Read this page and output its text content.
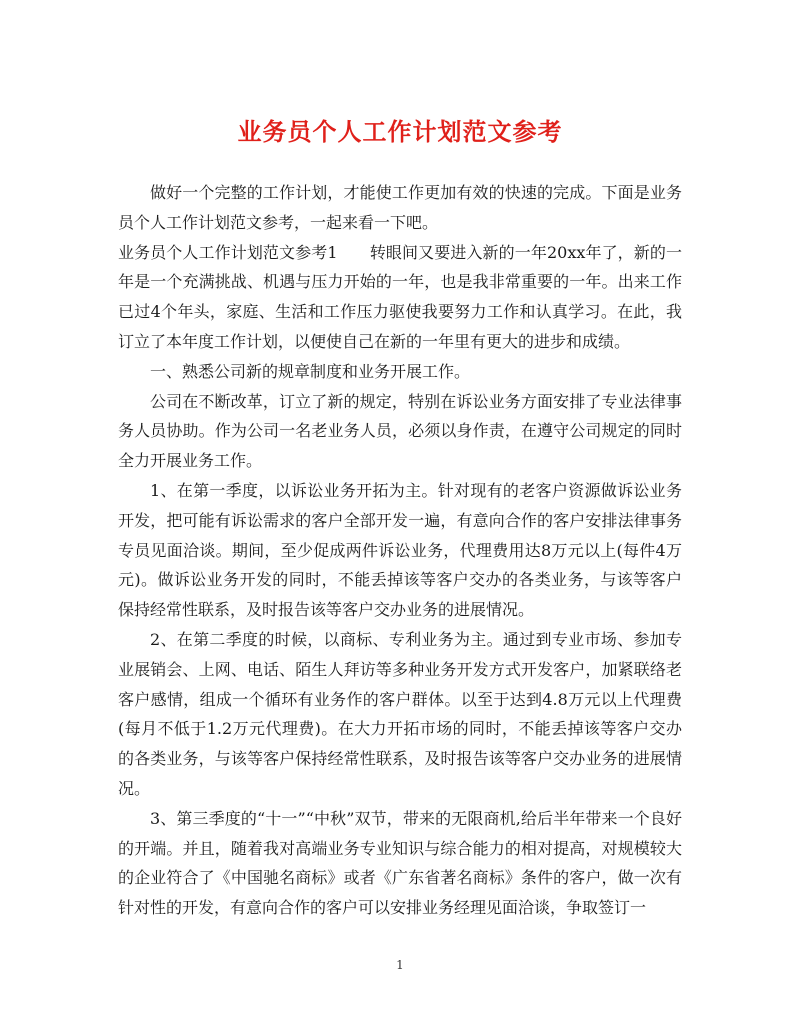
业务员个人工作计划范文参考

做好一个完整的工作计划，才能使工作更加有效的快速的完成。下面是业务员个人工作计划范文参考，一起来看一下吧。

业务员个人工作计划范文参考1　　转眼间又要进入新的一年20xx年了，新的一年是一个充满挑战、机遇与压力开始的一年，也是我非常重要的一年。出来工作已过4个年头，家庭、生活和工作压力驱使我要努力工作和认真学习。在此，我订立了本年度工作计划，以便使自己在新的一年里有更大的进步和成绩。

一、熟悉公司新的规章制度和业务开展工作。

公司在不断改革，订立了新的规定，特别在诉讼业务方面安排了专业法律事务人员协助。作为公司一名老业务人员，必须以身作责，在遵守公司规定的同时全力开展业务工作。

1、在第一季度，以诉讼业务开拓为主。针对现有的老客户资源做诉讼业务开发，把可能有诉讼需求的客户全部开发一遍，有意向合作的客户安排法律事务专员见面洽谈。期间，至少促成两件诉讼业务，代理费用达8万元以上(每件4万元)。做诉讼业务开发的同时，不能丢掉该等客户交办的各类业务，与该等客户保持经常性联系，及时报告该等客户交办业务的进展情况。

2、在第二季度的时候，以商标、专利业务为主。通过到专业市场、参加专业展销会、上网、电话、陌生人拜访等多种业务开发方式开发客户，加紧联络老客户感情，组成一个循环有业务作的客户群体。以至于达到4.8万元以上代理费(每月不低于1.2万元代理费)。在大力开拓市场的同时，不能丢掉该等客户交办的各类业务，与该等客户保持经常性联系，及时报告该等客户交办业务的进展情况。

3、第三季度的“十一”“中秋”双节，带来的无限商机,给后半年带来一个良好的开端。并且，随着我对高端业务专业知识与综合能力的相对提高，对规模较大的企业符合了《中国驰名商标》或者《广东省著名商标》条件的客户，做一次有针对性的开发，有意向合作的客户可以安排业务经理见面洽谈，争取签订一

1
